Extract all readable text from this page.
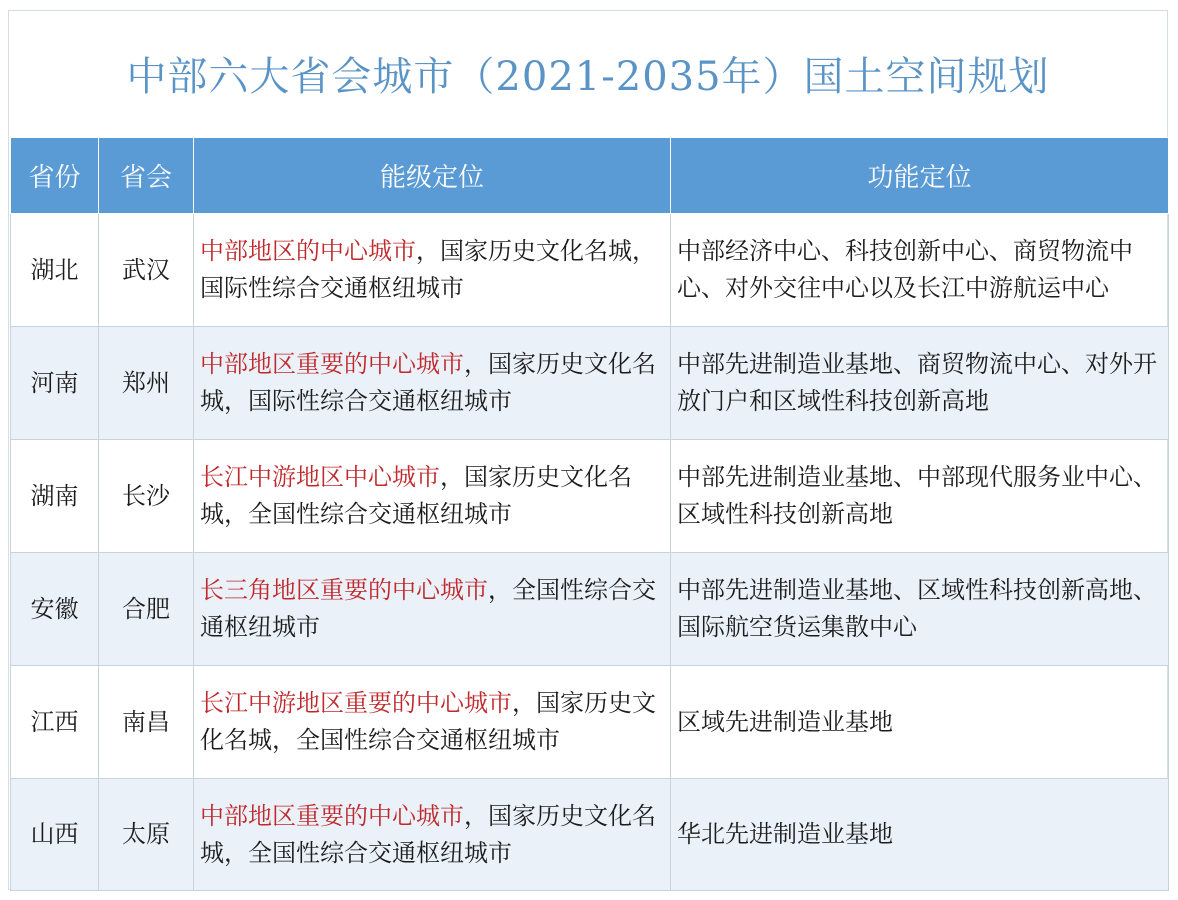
中部六大省会城市（2021-2035年）国土空间规划
省份	省会	能级定位	功能定位
湖北	武汉	中部地区的中心城市，国家历史文化名城，国际性综合交通枢纽城市	中部经济中心、科技创新中心、商贸物流中心、对外交往中心以及长江中游航运中心
河南	郑州	中部地区重要的中心城市，国家历史文化名城，国际性综合交通枢纽城市	中部先进制造业基地、商贸物流中心、对外开放门户和区域性科技创新高地
湖南	长沙	长江中游地区中心城市，国家历史文化名城，全国性综合交通枢纽城市	中部先进制造业基地、中部现代服务业中心、区域性科技创新高地
安徽	合肥	长三角地区重要的中心城市，全国性综合交通枢纽城市	中部先进制造业基地、区域性科技创新高地、国际航空货运集散中心
江西	南昌	长江中游地区重要的中心城市，国家历史文化名城，全国性综合交通枢纽城市	区域先进制造业基地
山西	太原	中部地区重要的中心城市，国家历史文化名城，全国性综合交通枢纽城市	华北先进制造业基地
